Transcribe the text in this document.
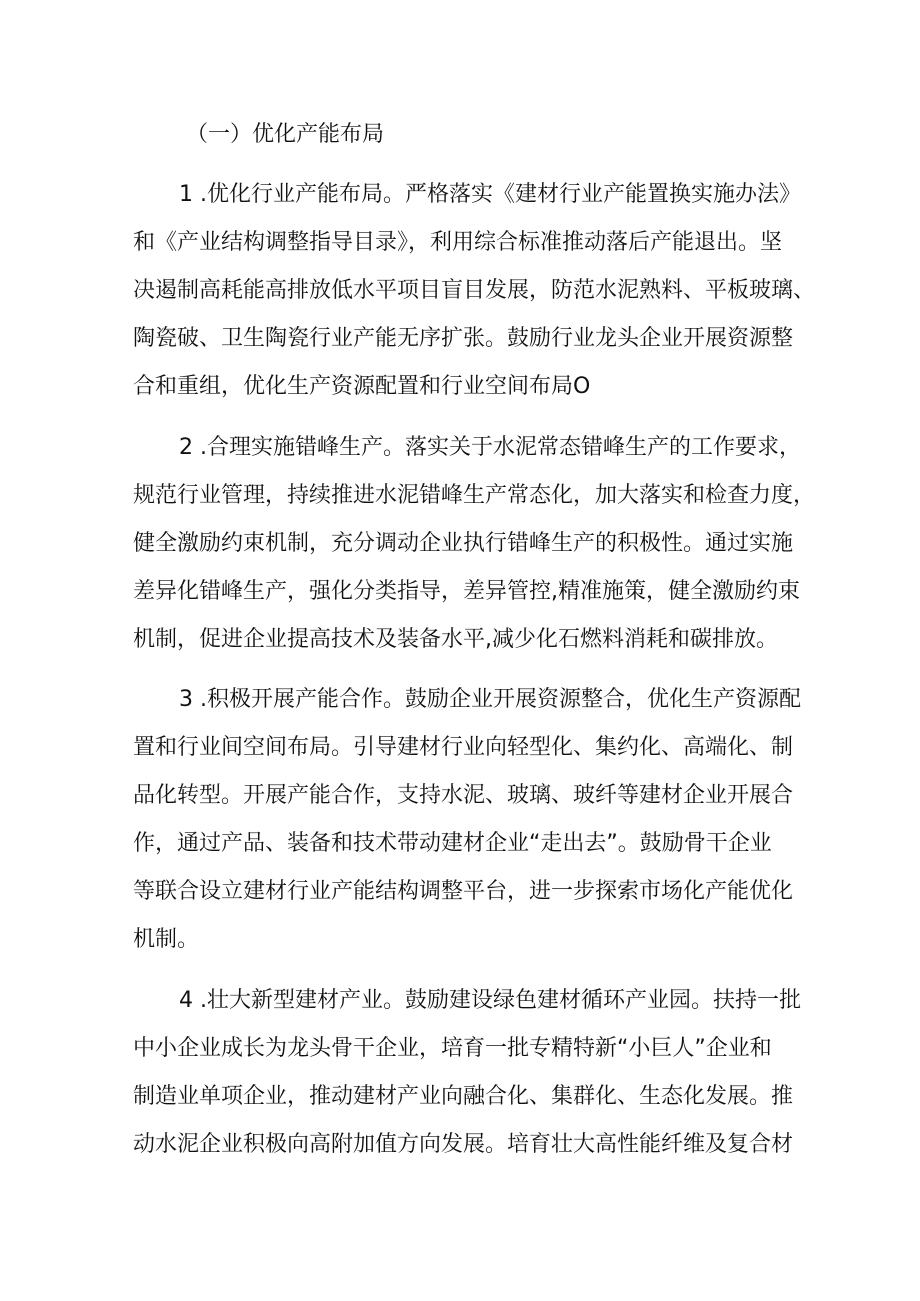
（一）优化产能布局
1 .优化行业产能布局。严格落实《建材行业产能置换实施办法》
和《产业结构调整指导目录》，利用综合标准推动落后产能退出。坚
决遏制高耗能高排放低水平项目盲目发展，防范水泥熟料、平板玻璃、
陶瓷破、卫生陶瓷行业产能无序扩张。鼓励行业龙头企业开展资源整
合和重组，优化生产资源配置和行业空间布局O
2 .合理实施错峰生产。落实关于水泥常态错峰生产的工作要求，
规范行业管理，持续推进水泥错峰生产常态化，加大落实和检查力度，
健全激励约束机制，充分调动企业执行错峰生产的积极性。通过实施
差异化错峰生产，强化分类指导，差异管控,精准施策，健全激励约束
机制，促进企业提高技术及装备水平,减少化石燃料消耗和碳排放。
3 .积极开展产能合作。鼓励企业开展资源整合，优化生产资源配
置和行业间空间布局。引导建材行业向轻型化、集约化、高端化、制
品化转型。开展产能合作，支持水泥、玻璃、玻纤等建材企业开展合
作，通过产品、装备和技术带动建材企业“走出去”。鼓励骨干企业
等联合设立建材行业产能结构调整平台，进一步探索市场化产能优化
机制。
4 .壮大新型建材产业。鼓励建设绿色建材循环产业园。扶持一批
中小企业成长为龙头骨干企业，培育一批专精特新“小巨人”企业和
制造业单项企业，推动建材产业向融合化、集群化、生态化发展。推
动水泥企业积极向高附加值方向发展。培育壮大高性能纤维及复合材
